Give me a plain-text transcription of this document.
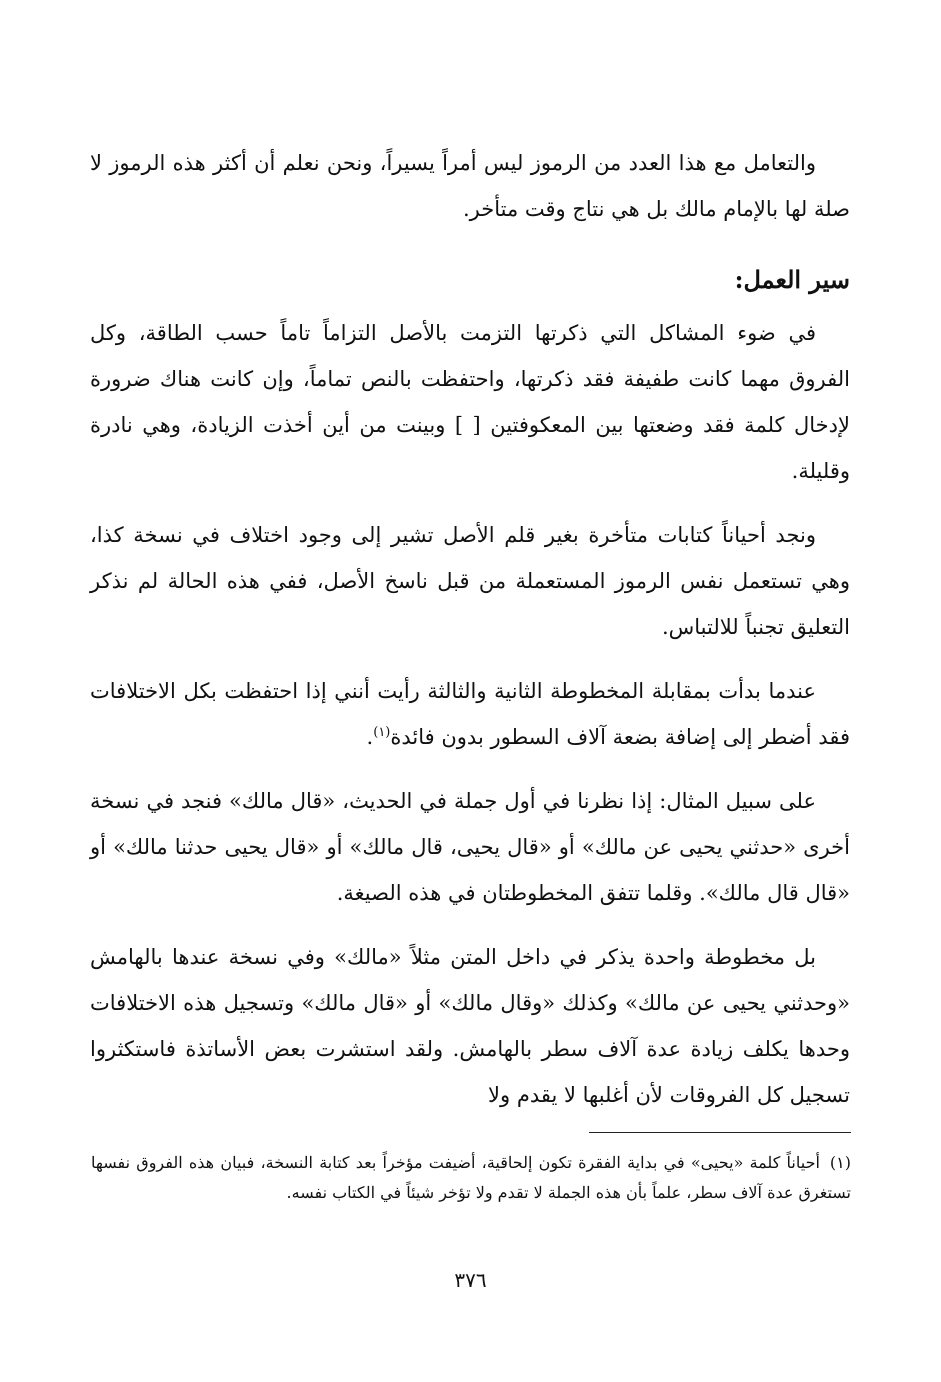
والتعامل مع هذا العدد من الرموز ليس أمراً يسيراً، ونحن نعلم أن أكثر هذه الرموز لا صلة لها بالإمام مالك بل هي نتاج وقت متأخر.

سير العمل:

في ضوء المشاكل التي ذكرتها التزمت بالأصل التزاماً تاماً حسب الطاقة، وكل الفروق مهما كانت طفيفة فقد ذكرتها، واحتفظت بالنص تماماً، وإن كانت هناك ضرورة لإدخال كلمة فقد وضعتها بين المعكوفتين [ ] وبينت من أين أخذت الزيادة، وهي نادرة وقليلة.

ونجد أحياناً كتابات متأخرة بغير قلم الأصل تشير إلى وجود اختلاف في نسخة كذا، وهي تستعمل نفس الرموز المستعملة من قبل ناسخ الأصل، ففي هذه الحالة لم نذكر التعليق تجنباً للالتباس.

عندما بدأت بمقابلة المخطوطة الثانية والثالثة رأيت أنني إذا احتفظت بكل الاختلافات فقد أضطر إلى إضافة بضعة آلاف السطور بدون فائدة$^{(١)}$.

على سبيل المثال: إذا نظرنا في أول جملة في الحديث، «قال مالك» فنجد في نسخة أخرى «حدثني يحيى عن مالك» أو «قال يحيى، قال مالك» أو «قال يحيى حدثنا مالك» أو «قال قال مالك». وقلما تتفق المخطوطتان في هذه الصيغة.

بل مخطوطة واحدة يذكر في داخل المتن مثلاً «مالك» وفي نسخة عندها بالهامش «وحدثني يحيى عن مالك» وكذلك «وقال مالك» أو «قال مالك» وتسجيل هذه الاختلافات وحدها يكلف زيادة عدة آلاف سطر بالهامش. ولقد استشرت بعض الأساتذة فاستكثروا تسجيل كل الفروقات لأن أغلبها لا يقدم ولا

(١)أحياناً كلمة «يحيى» في بداية الفقرة تكون إلحاقية، أضيفت مؤخراً بعد كتابة النسخة، فبيان هذه الفروق نفسها تستغرق عدة آلاف سطر، علماً بأن هذه الجملة لا تقدم ولا تؤخر شيئاً في الكتاب نفسه.
٣٧٦
